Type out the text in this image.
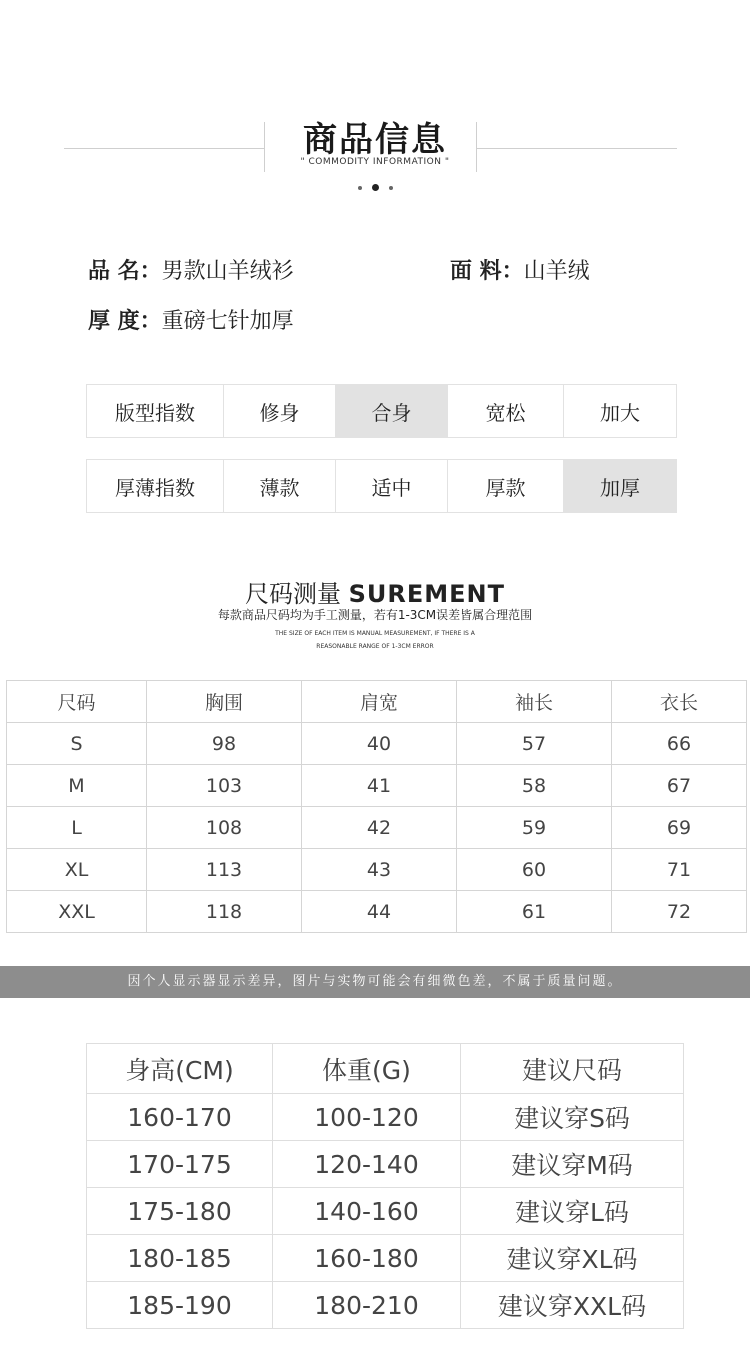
商品信息
" COMMODITY INFORMATION "
品 名：男款山羊绒衫	面 料：山羊绒
厚 度：重磅七针加厚
版型指数	修身	合身	宽松	加大
厚薄指数	薄款	适中	厚款	加厚
尺码测量 SUREMENT
每款商品尺码均为手工测量，若有1-3CM误差皆属合理范围
THE SIZE OF EACH ITEM IS MANUAL MEASUREMENT, IF THERE IS A
REASONABLE RANGE OF 1-3CM ERROR
尺码	胸围	肩宽	袖长	衣长
S	98	40	57	66
M	103	41	58	67
L	108	42	59	69
XL	113	43	60	71
XXL	118	44	61	72
因个人显示器显示差异，图片与实物可能会有细微色差，不属于质量问题。
身高(CM)	体重(G)	建议尺码
160-170	100-120	建议穿S码
170-175	120-140	建议穿M码
175-180	140-160	建议穿L码
180-185	160-180	建议穿XL码
185-190	180-210	建议穿XXL码
